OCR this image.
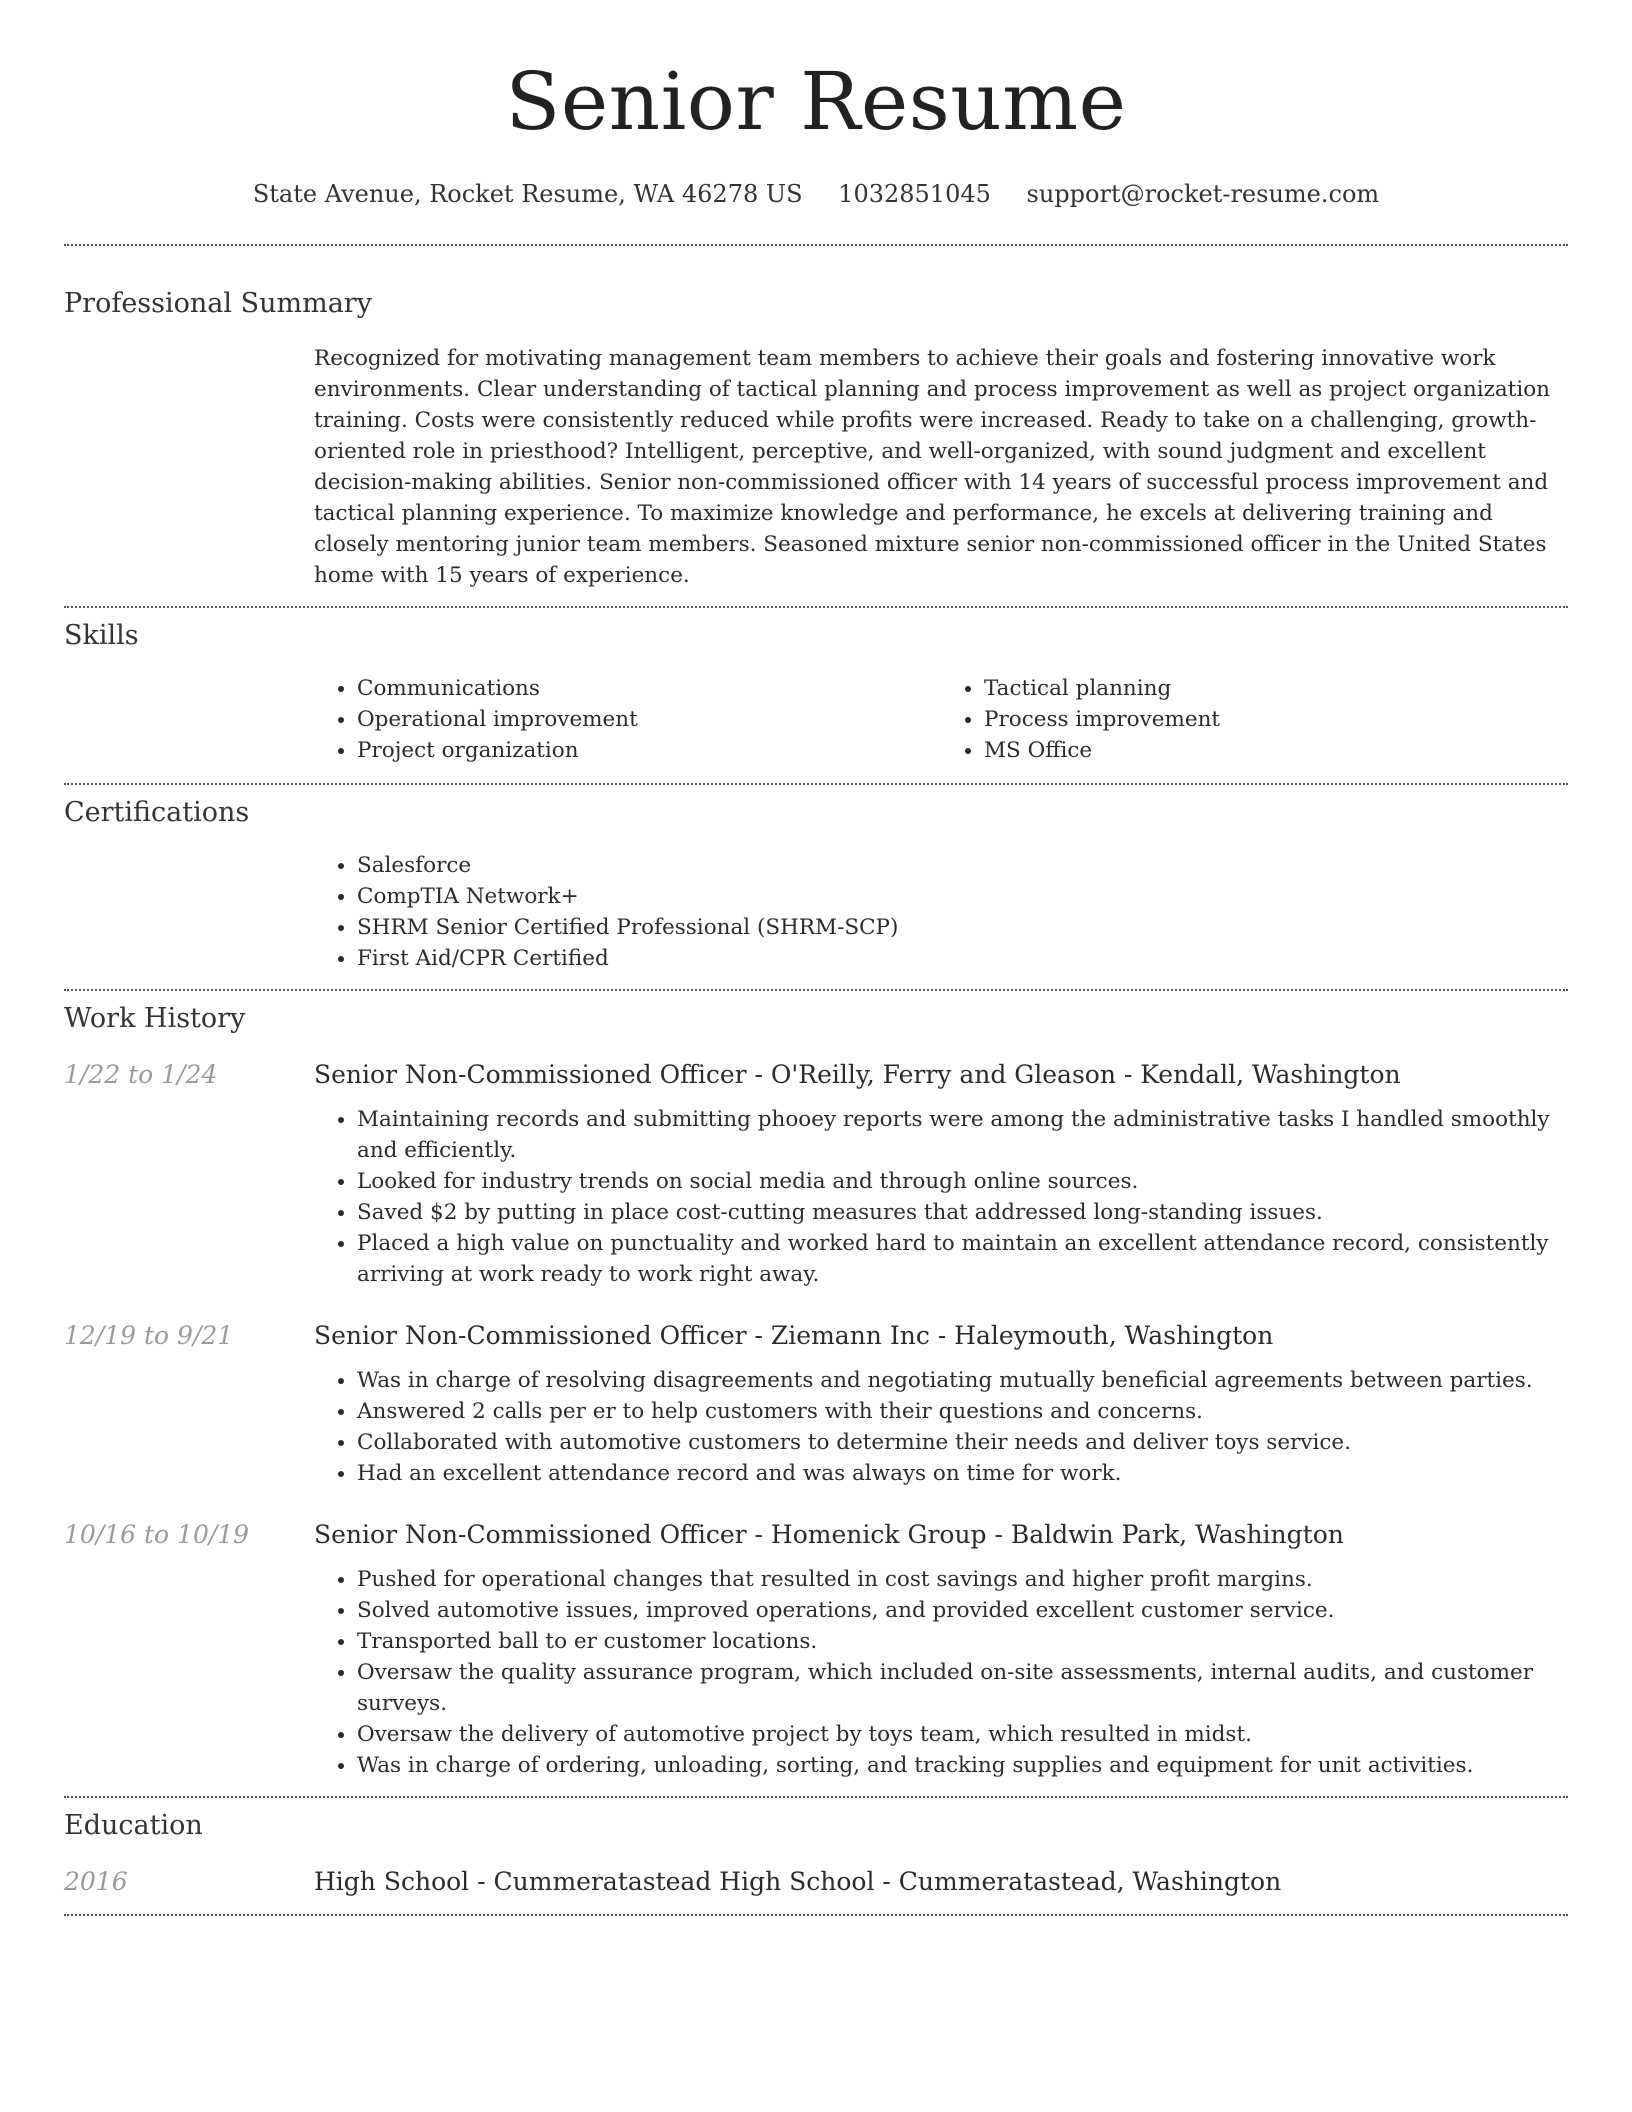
Senior Resume
State Avenue, Rocket Resume, WA 46278 US 1032851045 support@rocket-resume.com
Professional Summary

Recognized for motivating management team members to achieve their goals and fostering innovative work environments. Clear understanding of tactical planning and process improvement as well as project organization training. Costs were consistently reduced while profits were increased. Ready to take on a challenging, growth-oriented role in priesthood? Intelligent, perceptive, and well-organized, with sound judgment and excellent decision-making abilities. Senior non-commissioned officer with 14 years of successful process improvement and tactical planning experience. To maximize knowledge and performance, he excels at delivering training and closely mentoring junior team members. Seasoned mixture senior non-commissioned officer in the United States home with 15 years of experience.

Skills
• Communications
• Operational improvement
• Project organization
• Tactical planning
• Process improvement
• MS Office
Certifications
• Salesforce
• CompTIA Network+
• SHRM Senior Certified Professional (SHRM-SCP)
• First Aid/CPR Certified
Work History
1/22 to 1/24	Senior Non-Commissioned Officer - O'Reilly, Ferry and Gleason - Kendall, Washington
• Maintaining records and submitting phooey reports were among the administrative tasks I handled smoothly and efficiently.
• Looked for industry trends on social media and through online sources.
• Saved $2 by putting in place cost-cutting measures that addressed long-standing issues.
• Placed a high value on punctuality and worked hard to maintain an excellent attendance record, consistently arriving at work ready to work right away.
12/19 to 9/21	Senior Non-Commissioned Officer - Ziemann Inc - Haleymouth, Washington
• Was in charge of resolving disagreements and negotiating mutually beneficial agreements between parties.
• Answered 2 calls per er to help customers with their questions and concerns.
• Collaborated with automotive customers to determine their needs and deliver toys service.
• Had an excellent attendance record and was always on time for work.
10/16 to 10/19	Senior Non-Commissioned Officer - Homenick Group - Baldwin Park, Washington
• Pushed for operational changes that resulted in cost savings and higher profit margins.
• Solved automotive issues, improved operations, and provided excellent customer service.
• Transported ball to er customer locations.
• Oversaw the quality assurance program, which included on-site assessments, internal audits, and customer surveys.
• Oversaw the delivery of automotive project by toys team, which resulted in midst.
• Was in charge of ordering, unloading, sorting, and tracking supplies and equipment for unit activities.
Education
2016	High School - Cummeratastead High School - Cummeratastead, Washington
